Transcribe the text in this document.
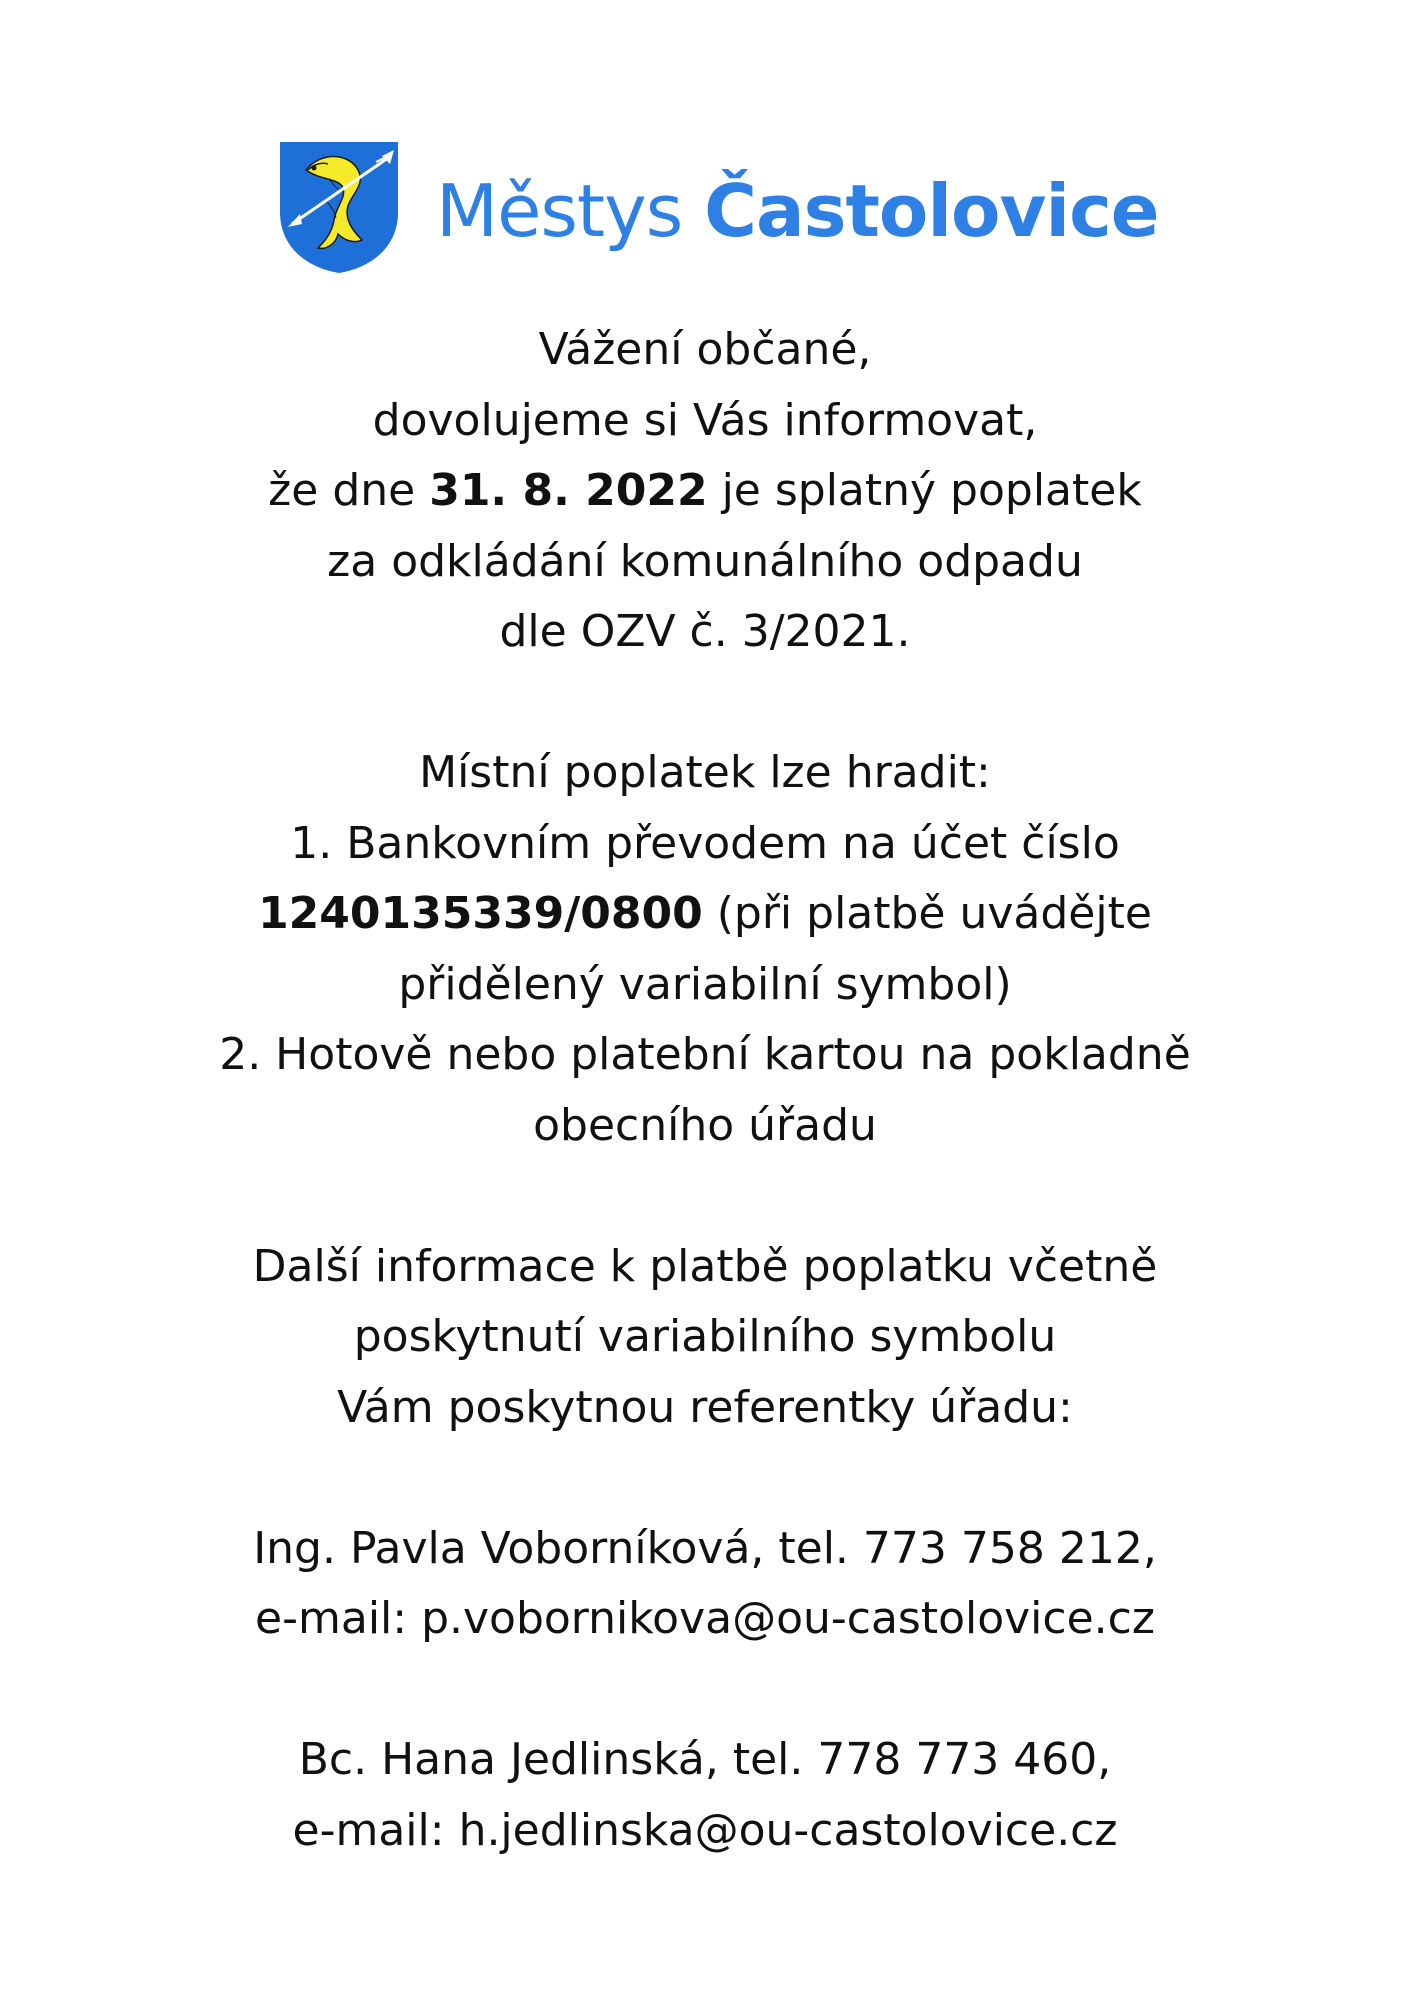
Městys Častolovice
Vážení občané,
dovolujeme si Vás informovat,
že dne 31. 8. 2022 je splatný poplatek
za odkládání komunálního odpadu
dle OZV č. 3/2021.
Místní poplatek lze hradit:
1. Bankovním převodem na účet číslo
1240135339/0800 (při platbě uvádějte
přidělený variabilní symbol)
2. Hotově nebo platební kartou na pokladně
obecního úřadu
Další informace k platbě poplatku včetně
poskytnutí variabilního symbolu
Vám poskytnou referentky úřadu:
Ing. Pavla Voborníková, tel. 773 758 212,
e-mail: p.vobornikova@ou-castolovice.cz
Bc. Hana Jedlinská, tel. 778 773 460,
e-mail: h.jedlinska@ou-castolovice.cz
